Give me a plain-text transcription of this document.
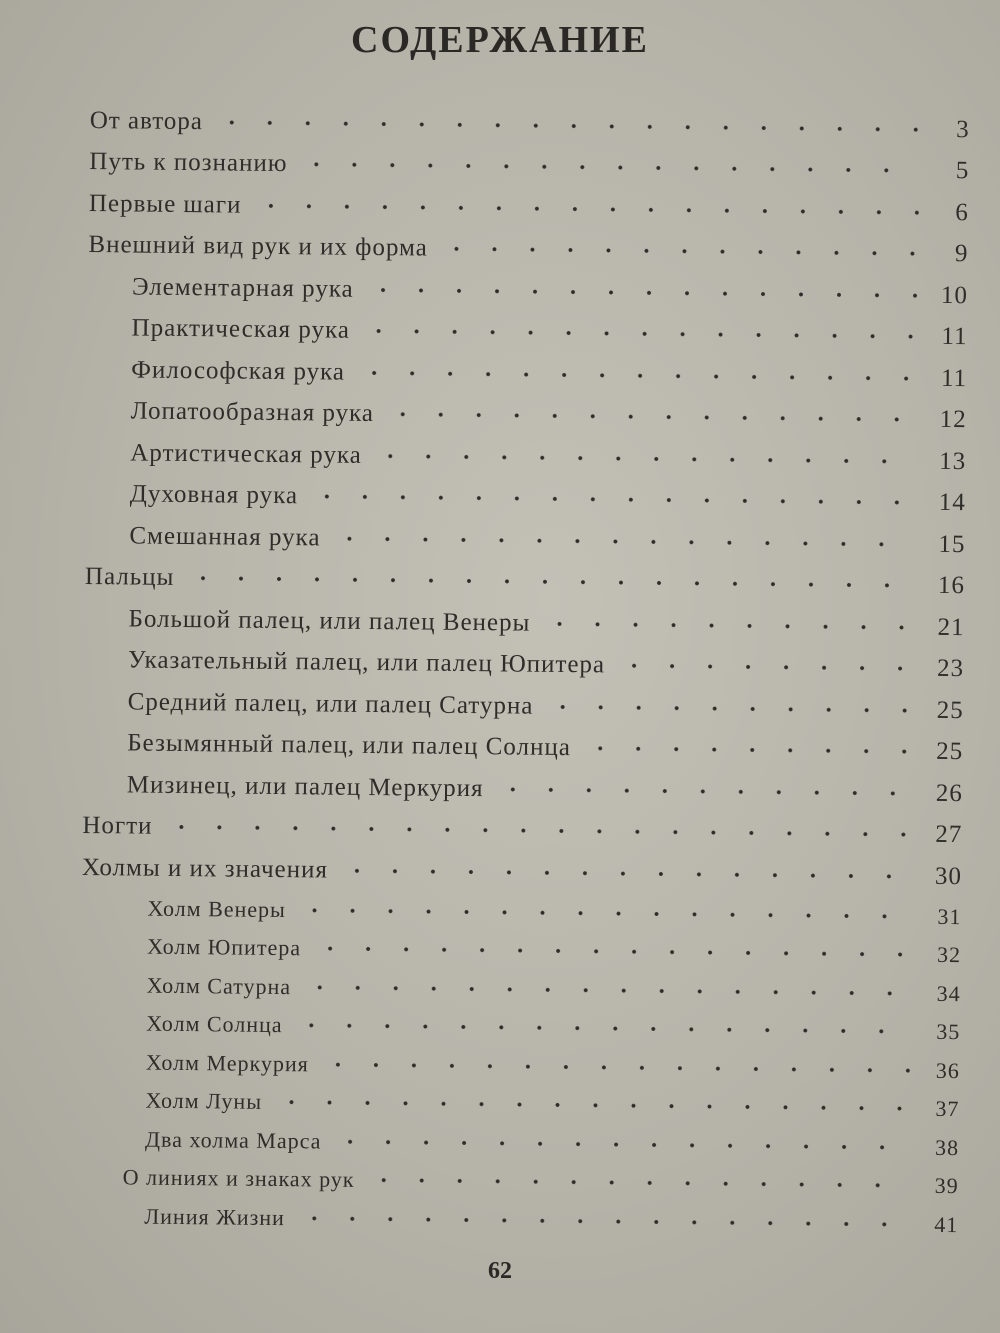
СОДЕРЖАНИЕ
От автора	3
Путь к познанию	5
Первые шаги	6
Внешний вид рук и их форма	9
Элементарная рука	10
Практическая рука	11
Философская рука	11
Лопатообразная рука	12
Артистическая рука	13
Духовная рука	14
Смешанная рука	15
Пальцы	16
Большой палец, или палец Венеры	21
Указательный палец, или палец Юпитера	23
Средний палец, или палец Сатурна	25
Безымянный палец, или палец Солнца	25
Мизинец, или палец Меркурия	26
Ногти	27
Холмы и их значения	30
Холм Венеры	31
Холм Юпитера	32
Холм Сатурна	34
Холм Солнца	35
Холм Меркурия	36
Холм Луны	37
Два холма Марса	38
О линиях и знаках рук	39
Линия Жизни	41
62
